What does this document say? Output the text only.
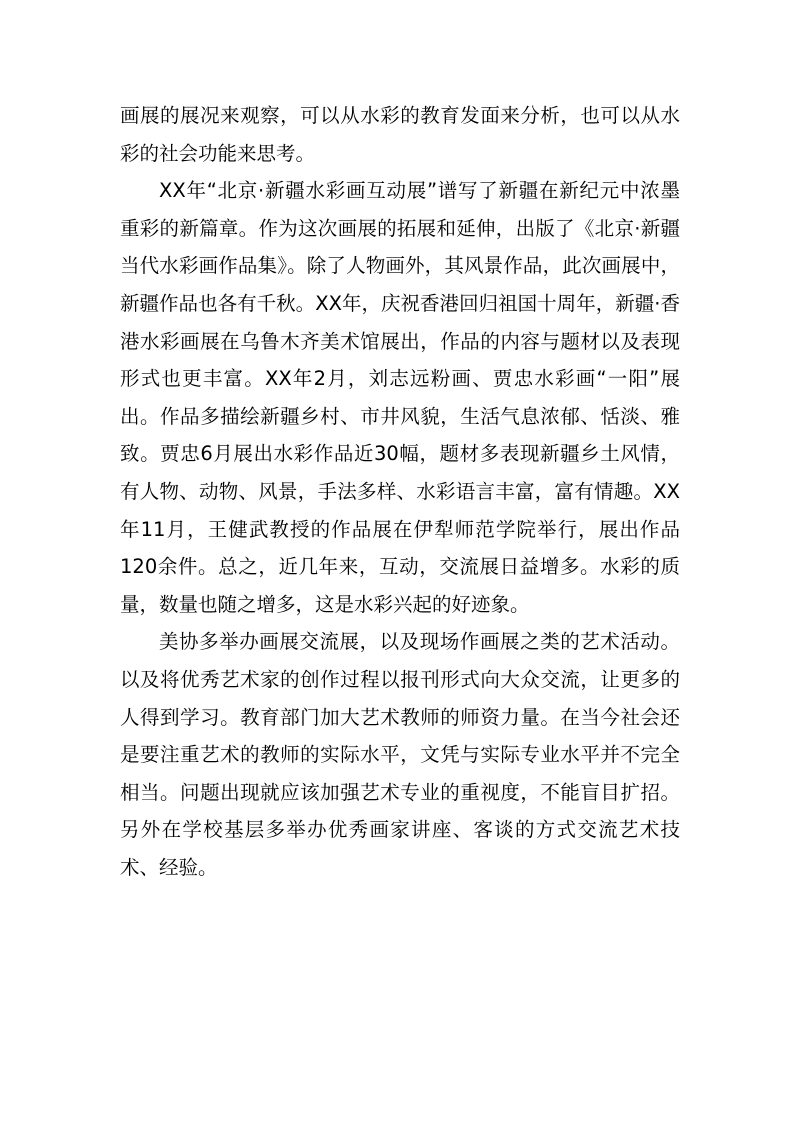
画展的展况来观察，可以从水彩的教育发面来分析，也可以从水彩的社会功能来思考。

XX年“北京·新疆水彩画互动展”谱写了新疆在新纪元中浓墨重彩的新篇章。作为这次画展的拓展和延伸，出版了《北京·新疆当代水彩画作品集》。除了人物画外，其风景作品，此次画展中，新疆作品也各有千秋。XX年，庆祝香港回归祖国十周年，新疆·香港水彩画展在乌鲁木齐美术馆展出，作品的内容与题材以及表现形式也更丰富。XX年2月，刘志远粉画、贾忠水彩画“一阳”展出。作品多描绘新疆乡村、市井风貌，生活气息浓郁、恬淡、雅致。贾忠6月展出水彩作品近30幅，题材多表现新疆乡土风情，有人物、动物、风景，手法多样、水彩语言丰富，富有情趣。XX年11月，王健武教授的作品展在伊犁师范学院举行，展出作品120余件。总之，近几年来，互动，交流展日益增多。水彩的质量，数量也随之增多，这是水彩兴起的好迹象。

美协多举办画展交流展，以及现场作画展之类的艺术活动。以及将优秀艺术家的创作过程以报刊形式向大众交流，让更多的人得到学习。教育部门加大艺术教师的师资力量。在当今社会还是要注重艺术的教师的实际水平，文凭与实际专业水平并不完全相当。问题出现就应该加强艺术专业的重视度，不能盲目扩招。另外在学校基层多举办优秀画家讲座、客谈的方式交流艺术技术、经验。
